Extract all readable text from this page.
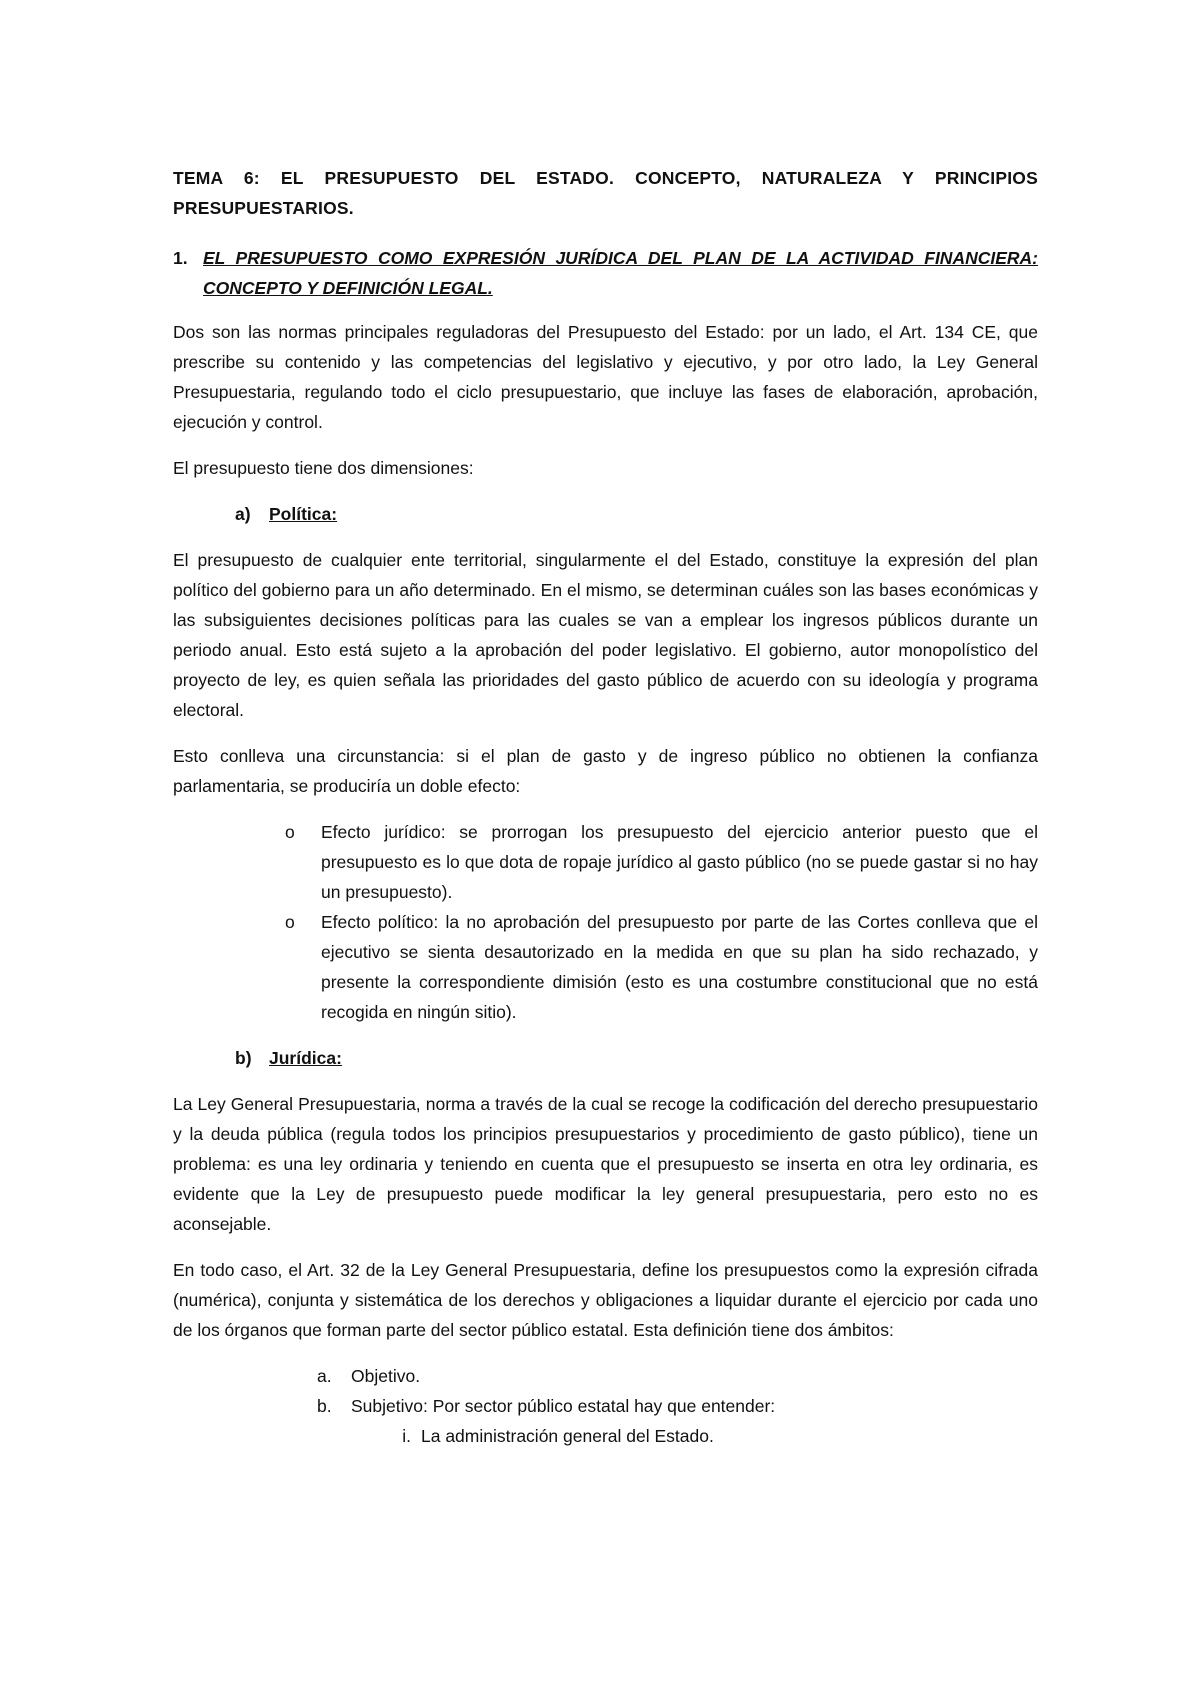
TEMA 6: EL PRESUPUESTO DEL ESTADO. CONCEPTO, NATURALEZA Y PRINCIPIOS PRESUPUESTARIOS.
1. EL PRESUPUESTO COMO EXPRESIÓN JURÍDICA DEL PLAN DE LA ACTIVIDAD FINANCIERA: CONCEPTO Y DEFINICIÓN LEGAL.

Dos son las normas principales reguladoras del Presupuesto del Estado: por un lado, el Art. 134 CE, que prescribe su contenido y las competencias del legislativo y ejecutivo, y por otro lado, la Ley General Presupuestaria, regulando todo el ciclo presupuestario, que incluye las fases de elaboración, aprobación, ejecución y control.

El presupuesto tiene dos dimensiones:

a)	Política:

El presupuesto de cualquier ente territorial, singularmente el del Estado, constituye la expresión del plan político del gobierno para un año determinado. En el mismo, se determinan cuáles son las bases económicas y las subsiguientes decisiones políticas para las cuales se van a emplear los ingresos públicos durante un periodo anual. Esto está sujeto a la aprobación del poder legislativo. El gobierno, autor monopolístico del proyecto de ley, es quien señala las prioridades del gasto público de acuerdo con su ideología y programa electoral.

Esto conlleva una circunstancia: si el plan de gasto y de ingreso público no obtienen la confianza parlamentaria, se produciría un doble efecto:

o	Efecto jurídico: se prorrogan los presupuesto del ejercicio anterior puesto que el presupuesto es lo que dota de ropaje jurídico al gasto público (no se puede gastar si no hay un presupuesto).
o	Efecto político: la no aprobación del presupuesto por parte de las Cortes conlleva que el ejecutivo se sienta desautorizado en la medida en que su plan ha sido rechazado, y presente la correspondiente dimisión (esto es una costumbre constitucional que no está recogida en ningún sitio).
b) Jurídica:

La Ley General Presupuestaria, norma a través de la cual se recoge la codificación del derecho presupuestario y la deuda pública (regula todos los principios presupuestarios y procedimiento de gasto público), tiene un problema: es una ley ordinaria y teniendo en cuenta que el presupuesto se inserta en otra ley ordinaria, es evidente que la Ley de presupuesto puede modificar la ley general presupuestaria, pero esto no es aconsejable.

En todo caso, el Art. 32 de la Ley General Presupuestaria, define los presupuestos como la expresión cifrada (numérica), conjunta y sistemática de los derechos y obligaciones a liquidar durante el ejercicio por cada uno de los órganos que forman parte del sector público estatal. Esta definición tiene dos ámbitos:

a.	Objetivo.
b.	Subjetivo: Por sector público estatal hay que entender:
i. La administración general del Estado.
